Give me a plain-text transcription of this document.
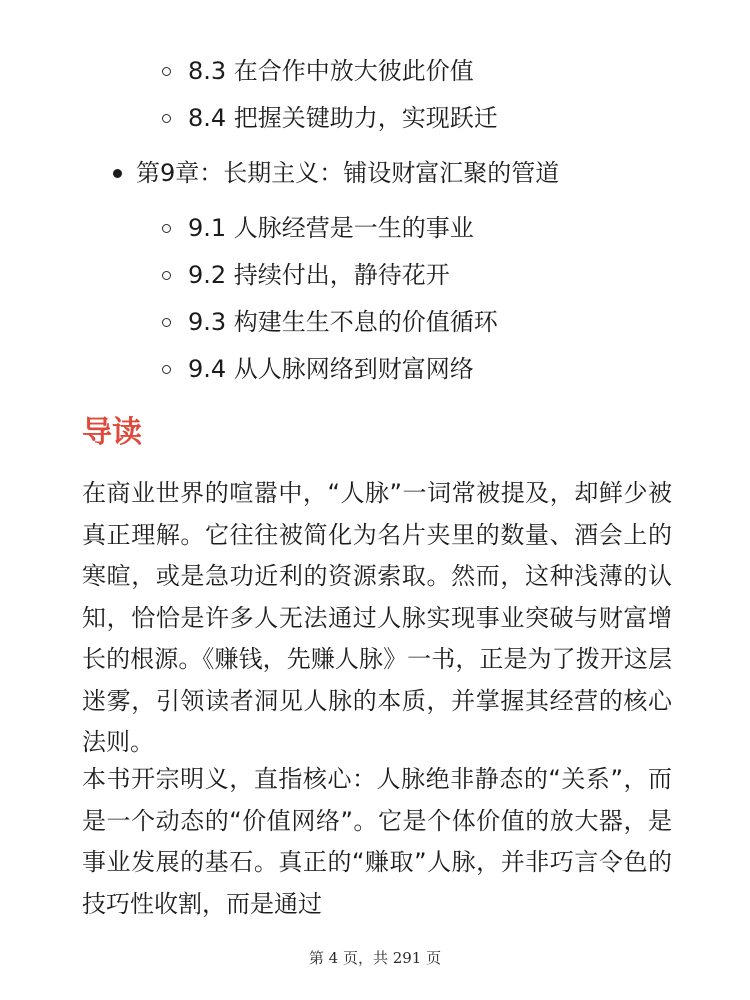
8.3 在合作中放大彼此价值
8.4 把握关键助力，实现跃迁
第9章：长期主义：铺设财富汇聚的管道
9.1 人脉经营是一生的事业
9.2 持续付出，静待花开
9.3 构建生生不息的价值循环
9.4 从人脉网络到财富网络
导读

在商业世界的喧嚣中，“人脉”一词常被提及，却鲜少被真正理解。它往往被简化为名片夹里的数量、酒会上的寒暄，或是急功近利的资源索取。然而，这种浅薄的认知，恰恰是许多人无法通过人脉实现事业突破与财富增长的根源。《赚钱，先赚人脉》一书，正是为了拨开这层迷雾，引领读者洞见人脉的本质，并掌握其经营的核心法则。

本书开宗明义，直指核心：人脉绝非静态的“关系”，而是一个动态的“价值网络”。它是个体价值的放大器，是事业发展的基石。真正的“赚取”人脉，并非巧言令色的技巧性收割，而是通过

第 4 页，共 291 页
